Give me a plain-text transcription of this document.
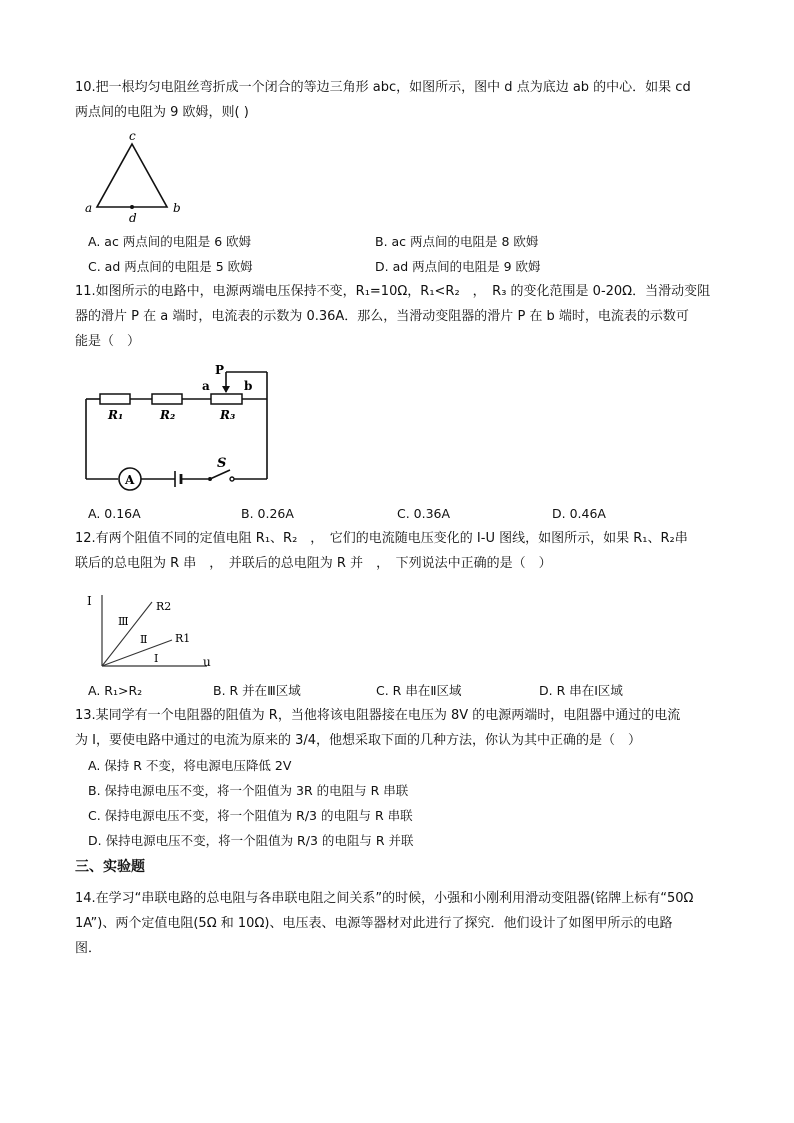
10.把一根均匀电阻丝弯折成一个闭合的等边三角形 abc，如图所示，图中 d 点为底边 ab 的中心．如果 cd
两点间的电阻为 9 欧姆，则( )
c
a	b
d
A. ac 两点间的电阻是 6 欧姆	B. ac 两点间的电阻是 8 欧姆
C. ad 两点间的电阻是 5 欧姆	D. ad 两点间的电阻是 9 欧姆
11.如图所示的电路中，电源两端电压保持不变，R₁=10Ω，R₁<R₂　，　R₃ 的变化范围是 0-20Ω．当滑动变阻
器的滑片 P 在 a 端时，电流表的示数为 0.36A．那么，当滑动变阻器的滑片 P 在 b 端时，电流表的示数可
能是（　）
R₁	R₂	R₃
P
a	b
S
A
A. 0.16A	B. 0.26A	C. 0.36A	D. 0.46A
12.有两个阻值不同的定值电阻 R₁、R₂　，　它们的电流随电压变化的 I-U 图线，如图所示，如果 R₁、R₂串
联后的总电阻为 R 串　，　并联后的总电阻为 R 并　，　下列说法中正确的是（　）
I
u
R2
R1
Ⅲ
Ⅱ
I
A. R₁>R₂	B. R 并在Ⅲ区域	C. R 串在Ⅱ区域	D. R 串在Ⅰ区域
13.某同学有一个电阻器的阻值为 R，当他将该电阻器接在电压为 8V 的电源两端时，电阻器中通过的电流
为 I，要使电路中通过的电流为原来的 3/4，他想采取下面的几种方法，你认为其中正确的是（　）
A. 保持 R 不变，将电源电压降低 2V
B. 保持电源电压不变，将一个阻值为 3R 的电阻与 R 串联
C. 保持电源电压不变，将一个阻值为 R/3 的电阻与 R 串联
D. 保持电源电压不变，将一个阻值为 R/3 的电阻与 R 并联
三、实验题
14.在学习“串联电路的总电阻与各串联电阻之间关系”的时候，小强和小刚利用滑动变阻器(铭牌上标有“50Ω
1A”)、两个定值电阻(5Ω 和 10Ω)、电压表、电源等器材对此进行了探究．他们设计了如图甲所示的电路
图．
